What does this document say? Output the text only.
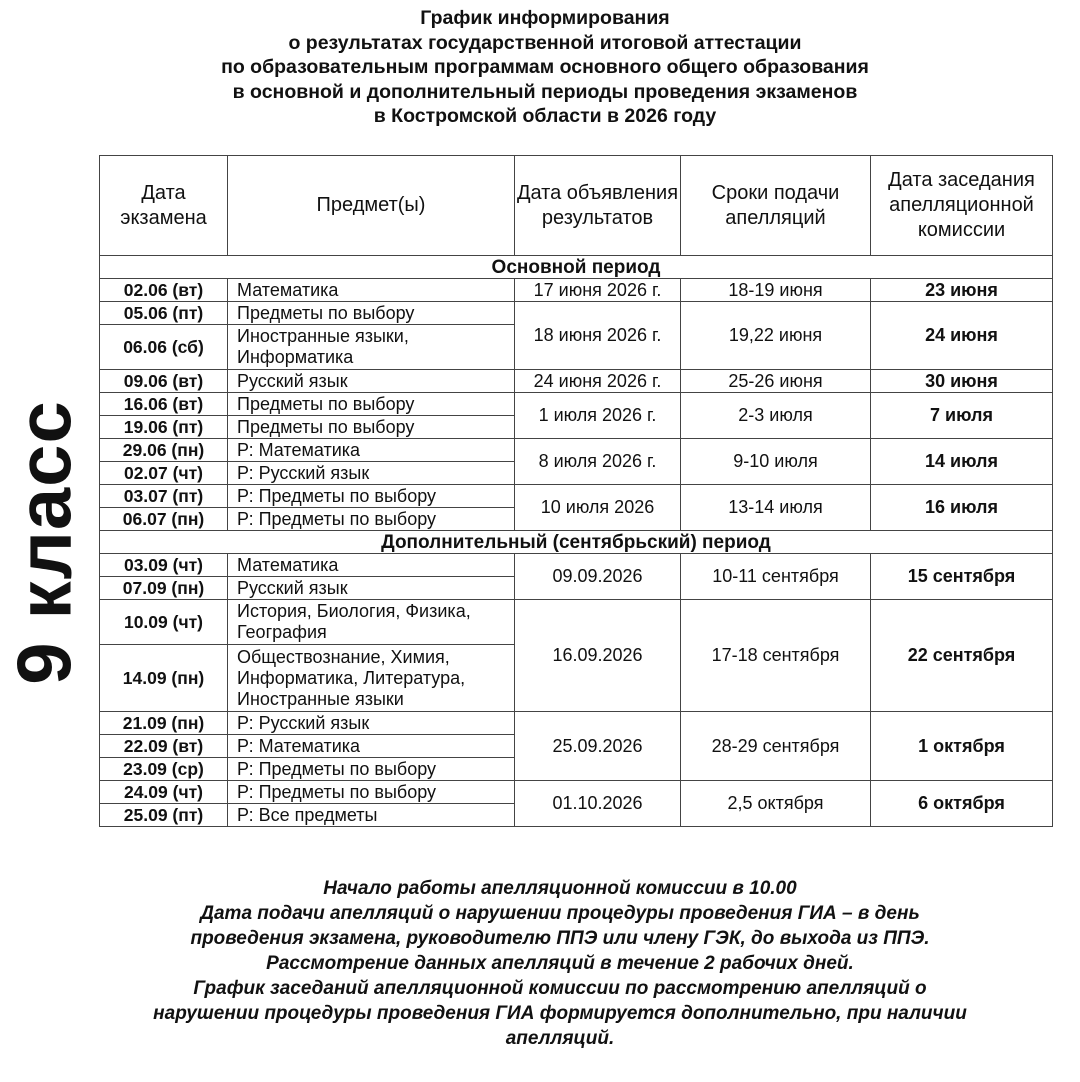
График информирования
о результатах государственной итоговой аттестации
по образовательным программам основного общего образования
в основной и дополнительный периоды проведения экзаменов
в Костромской области в 2026 году
9 класс
Дата экзамена	Предмет(ы)	Дата объявления результатов	Сроки подачи апелляций	Дата заседания апелляционной комиссии
Основной период				
02.06 (вт)	Математика	17 июня 2026 г.	18-19 июня	23 июня
05.06 (пт)	Предметы по выбору	18 июня 2026 г.	19,22 июня	24 июня
06.06 (сб)	Иностранные языки, Информатика			
09.06 (вт)	Русский язык	24 июня 2026 г.	25-26 июня	30 июня
16.06 (вт)	Предметы по выбору	1 июля 2026 г.	2-3 июля	7 июля
19.06 (пт)	Предметы по выбору			
29.06 (пн)	Р: Математика	8 июля 2026 г.	9-10 июля	14 июля
02.07 (чт)	Р: Русский язык			
03.07 (пт)	Р: Предметы по выбору	10 июля 2026	13-14 июля	16 июля
06.07 (пн)	Р: Предметы по выбору			
Дополнительный (сентябрьский) период				
03.09 (чт)	Математика	09.09.2026	10-11 сентября	15 сентября
07.09 (пн)	Русский язык			
10.09 (чт)	История, Биология, Физика, География	16.09.2026	17-18 сентября	22 сентября
14.09 (пн)	Обществознание, Химия, Информатика, Литература, Иностранные языки			
21.09 (пн)	Р: Русский язык	25.09.2026	28-29 сентября	1 октября
22.09 (вт)	Р: Математика			
23.09 (ср)	Р: Предметы по выбору			
24.09 (чт)	Р: Предметы по выбору	01.10.2026	2,5 октября	6 октября
25.09 (пт)	Р: Все предметы			
Начало работы апелляционной комиссии в 10.00
Дата подачи апелляций о нарушении процедуры проведения ГИА – в день
проведения экзамена, руководителю ППЭ или члену ГЭК, до выхода из ППЭ.
Рассмотрение данных апелляций в течение 2 рабочих дней.
График заседаний апелляционной комиссии по рассмотрению апелляций о
нарушении процедуры проведения ГИА формируется дополнительно, при наличии
апелляций.
